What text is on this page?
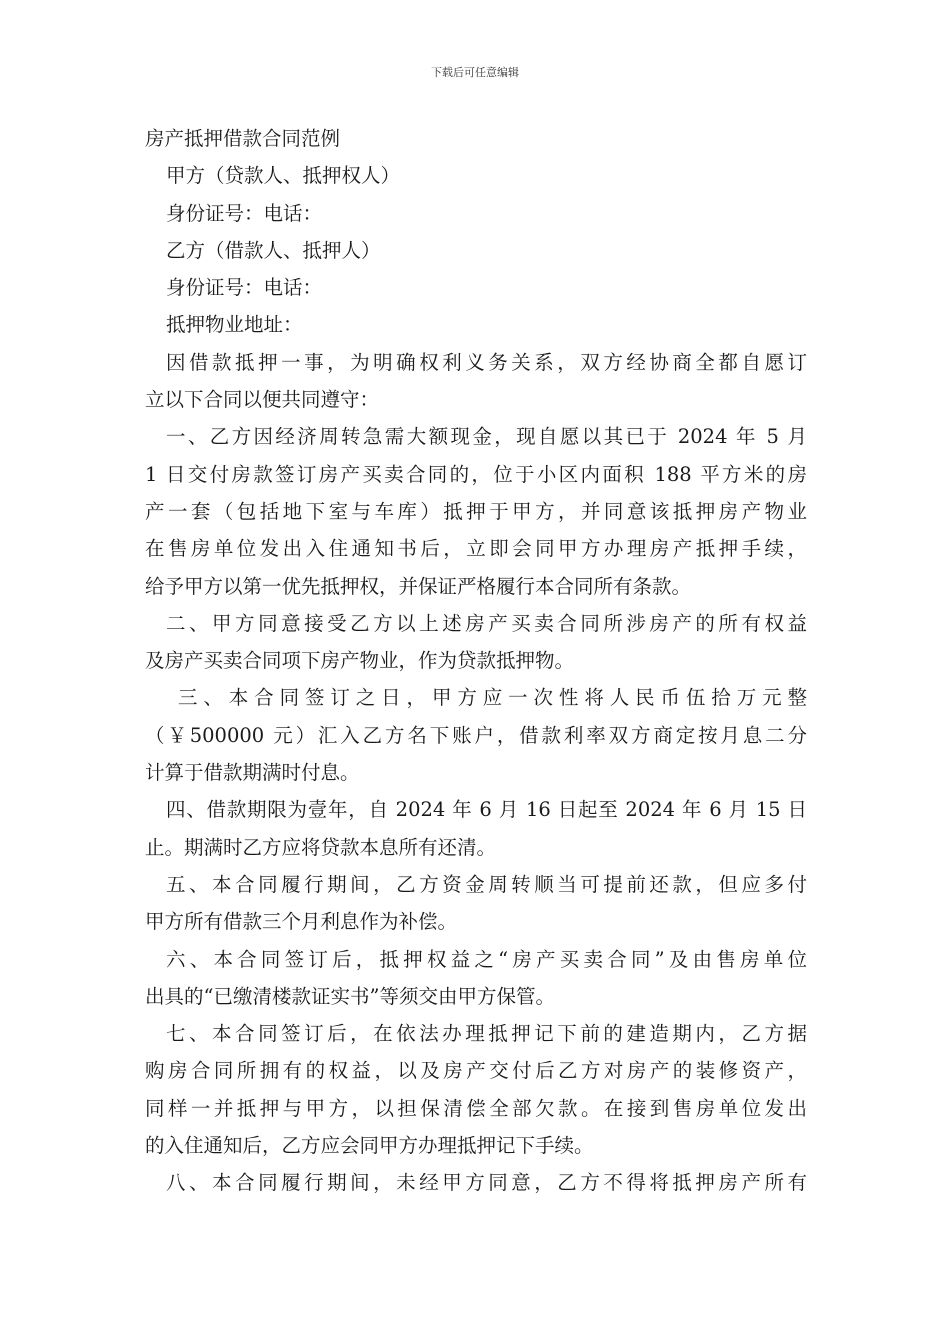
下载后可任意编辑
房产抵押借款合同范例
甲方（贷款人、抵押权人）
身份证号：电话：
乙方（借款人、抵押人）
身份证号：电话：
抵押物业地址：
因借款抵押一事，为明确权利义务关系，双方经协商全都自愿订
立以下合同以便共同遵守：
一、乙方因经济周转急需大额现金，现自愿以其已于 2024 年 5 月
1 日交付房款签订房产买卖合同的，位于小区内面积 188 平方米的房
产一套（包括地下室与车库）抵押于甲方，并同意该抵押房产物业
在售房单位发出入住通知书后，立即会同甲方办理房产抵押手续，
给予甲方以第一优先抵押权，并保证严格履行本合同所有条款。
二、甲方同意接受乙方以上述房产买卖合同所涉房产的所有权益
及房产买卖合同项下房产物业，作为贷款抵押物。
三、本合同签订之日，甲方应一次性将人民币伍拾万元整
（￥500000 元）汇入乙方名下账户，借款利率双方商定按月息二分
计算于借款期满时付息。
四、借款期限为壹年，自 2024 年 6 月 16 日起至 2024 年 6 月 15 日
止。期满时乙方应将贷款本息所有还清。
五、本合同履行期间，乙方资金周转顺当可提前还款，但应多付
甲方所有借款三个月利息作为补偿。
六、本合同签订后，抵押权益之“房产买卖合同”及由售房单位
出具的“已缴清楼款证实书”等须交由甲方保管。
七、本合同签订后，在依法办理抵押记下前的建造期内，乙方据
购房合同所拥有的权益，以及房产交付后乙方对房产的装修资产，
同样一并抵押与甲方，以担保清偿全部欠款。在接到售房单位发出
的入住通知后，乙方应会同甲方办理抵押记下手续。
八、本合同履行期间，未经甲方同意，乙方不得将抵押房产所有
